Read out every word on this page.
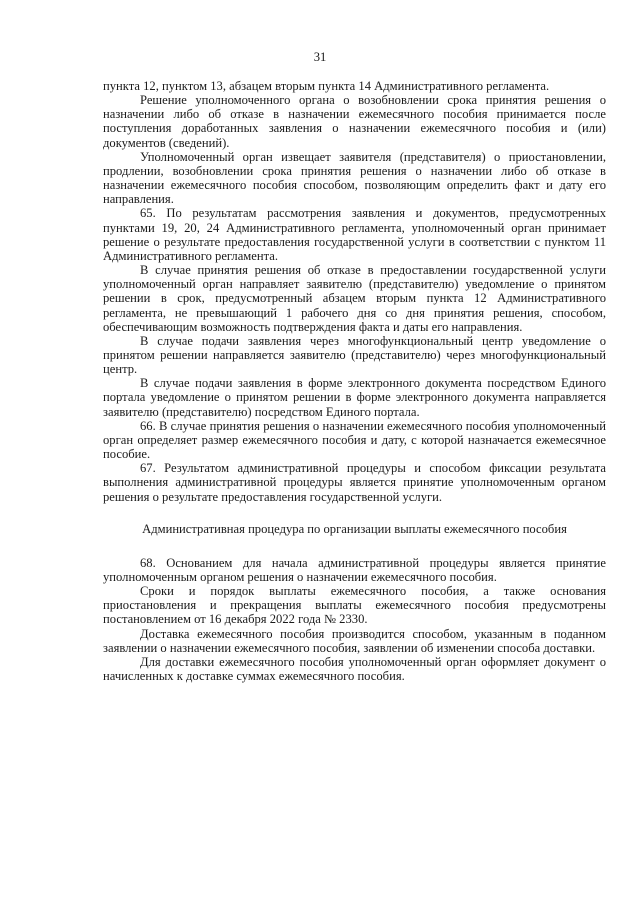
31

пункта 12, пунктом 13, абзацем вторым пункта 14 Административного регламента.

Решение уполномоченного органа о возобновлении срока принятия решения о назначении либо об отказе в назначении ежемесячного пособия принимается после поступления доработанных заявления о назначении ежемесячного пособия и (или) документов (сведений).

Уполномоченный орган извещает заявителя (представителя) о приостановлении, продлении, возобновлении срока принятия решения о назначении либо об отказе в назначении ежемесячного пособия способом, позволяющим определить факт и дату его направления.

65. По результатам рассмотрения заявления и документов, предусмотренных пунктами 19, 20, 24 Административного регламента, уполномоченный орган принимает решение о результате предоставления государственной услуги в соответствии с пунктом 11 Административного регламента.

В случае принятия решения об отказе в предоставлении государственной услуги уполномоченный орган направляет заявителю (представителю) уведомление о принятом решении в срок, предусмотренный абзацем вторым пункта 12 Административного регламента, не превышающий 1 рабочего дня со дня принятия решения, способом, обеспечивающим возможность подтверждения факта и даты его направления.

В случае подачи заявления через многофункциональный центр уведомление о принятом решении направляется заявителю (представителю) через многофункциональный центр.

В случае подачи заявления в форме электронного документа посредством Единого портала уведомление о принятом решении в форме электронного документа направляется заявителю (представителю) посредством Единого портала.

66. В случае принятия решения о назначении ежемесячного пособия уполномоченный орган определяет размер ежемесячного пособия и дату, с которой назначается ежемесячное пособие.

67. Результатом административной процедуры и способом фиксации результата выполнения административной процедуры является принятие уполномоченным органом решения о результате предоставления государственной услуги.

Административная процедура по организации выплаты ежемесячного пособия

68. Основанием для начала административной процедуры является принятие уполномоченным органом решения о назначении ежемесячного пособия.

Сроки и порядок выплаты ежемесячного пособия, а также основания приостановления и прекращения выплаты ежемесячного пособия предусмотрены постановлением от 16 декабря 2022 года № 2330.

Доставка ежемесячного пособия производится способом, указанным в поданном заявлении о назначении ежемесячного пособия, заявлении об изменении способа доставки.

Для доставки ежемесячного пособия уполномоченный орган оформляет документ о начисленных к доставке суммах ежемесячного пособия.
